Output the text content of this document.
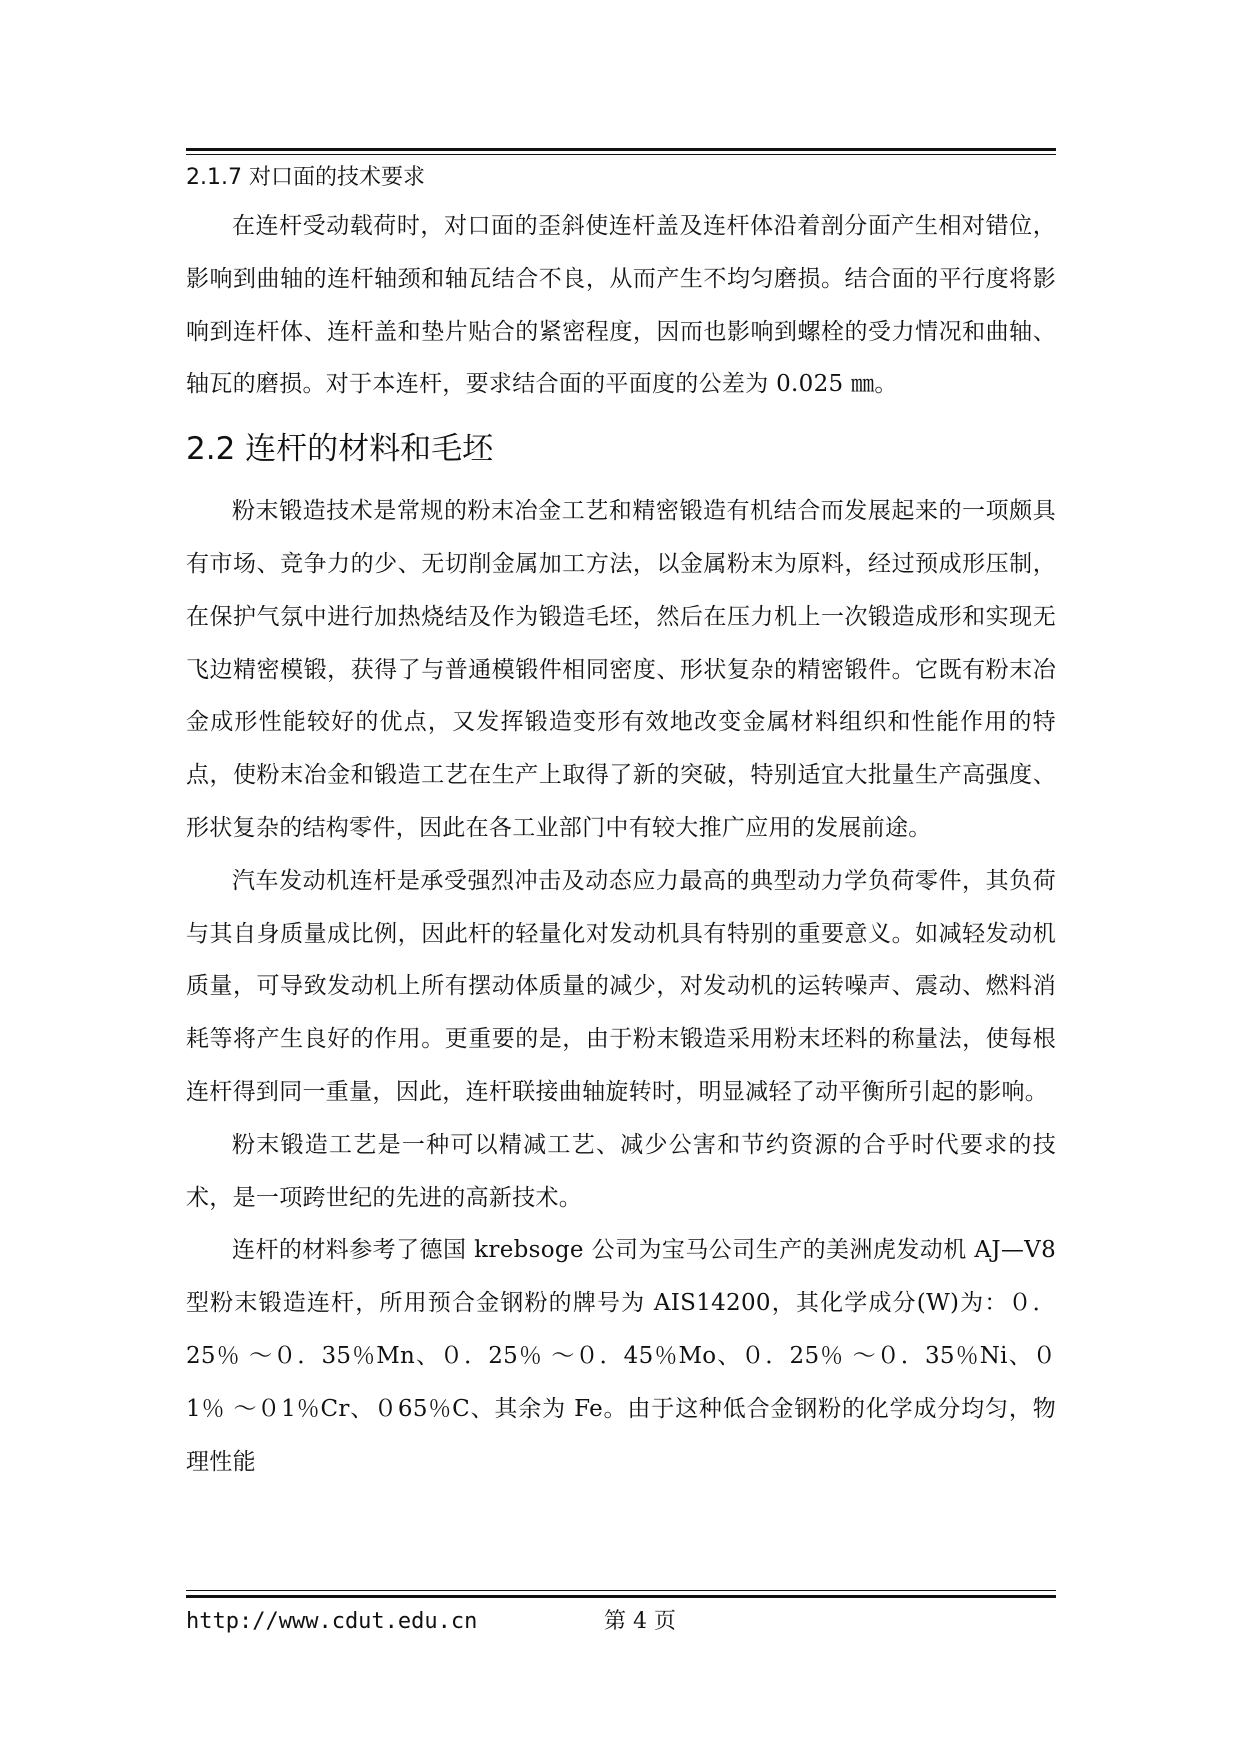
2.1.7 对口面的技术要求

在连杆受动载荷时，对口面的歪斜使连杆盖及连杆体沿着剖分面产生相对错位，影响到曲轴的连杆轴颈和轴瓦结合不良，从而产生不均匀磨损。结合面的平行度将影响到连杆体、连杆盖和垫片贴合的紧密程度，因而也影响到螺栓的受力情况和曲轴、轴瓦的磨损。对于本连杆，要求结合面的平面度的公差为 0.025 ㎜。

2.2 连杆的材料和毛坯

粉末锻造技术是常规的粉末冶金工艺和精密锻造有机结合而发展起来的一项颇具有市场、竞争力的少、无切削金属加工方法，以金属粉末为原料，经过预成形压制，在保护气氛中进行加热烧结及作为锻造毛坯，然后在压力机上一次锻造成形和实现无飞边精密模锻，获得了与普通模锻件相同密度、形状复杂的精密锻件。它既有粉末冶金成形性能较好的优点，又发挥锻造变形有效地改变金属材料组织和性能作用的特点，使粉末冶金和锻造工艺在生产上取得了新的突破，特别适宜大批量生产高强度、形状复杂的结构零件，因此在各工业部门中有较大推广应用的发展前途。

汽车发动机连杆是承受强烈冲击及动态应力最高的典型动力学负荷零件，其负荷与其自身质量成比例，因此杆的轻量化对发动机具有特别的重要意义。如减轻发动机质量，可导致发动机上所有摆动体质量的减少，对发动机的运转噪声、震动、燃料消耗等将产生良好的作用。更重要的是，由于粉末锻造采用粉末坯料的称量法，使每根连杆得到同一重量，因此，连杆联接曲轴旋转时，明显减轻了动平衡所引起的影响。

粉末锻造工艺是一种可以精减工艺、减少公害和节约资源的合乎时代要求的技术，是一项跨世纪的先进的高新技术。

连杆的材料参考了德国 krebsoge 公司为宝马公司生产的美洲虎发动机 AJ—V8 型粉末锻造连杆，所用预合金钢粉的牌号为 AIS14200，其化学成分(W)为：０．25％ ～０．35％Mn、０．25％ ～０．45％Mo、０．25％ ～０．35％Ni、０1％ ～０1％Cr、０65％C、其余为 Fe。由于这种低合金钢粉的化学成分均匀，物理性能

http://www.cdut.edu.cn	第 4 页
